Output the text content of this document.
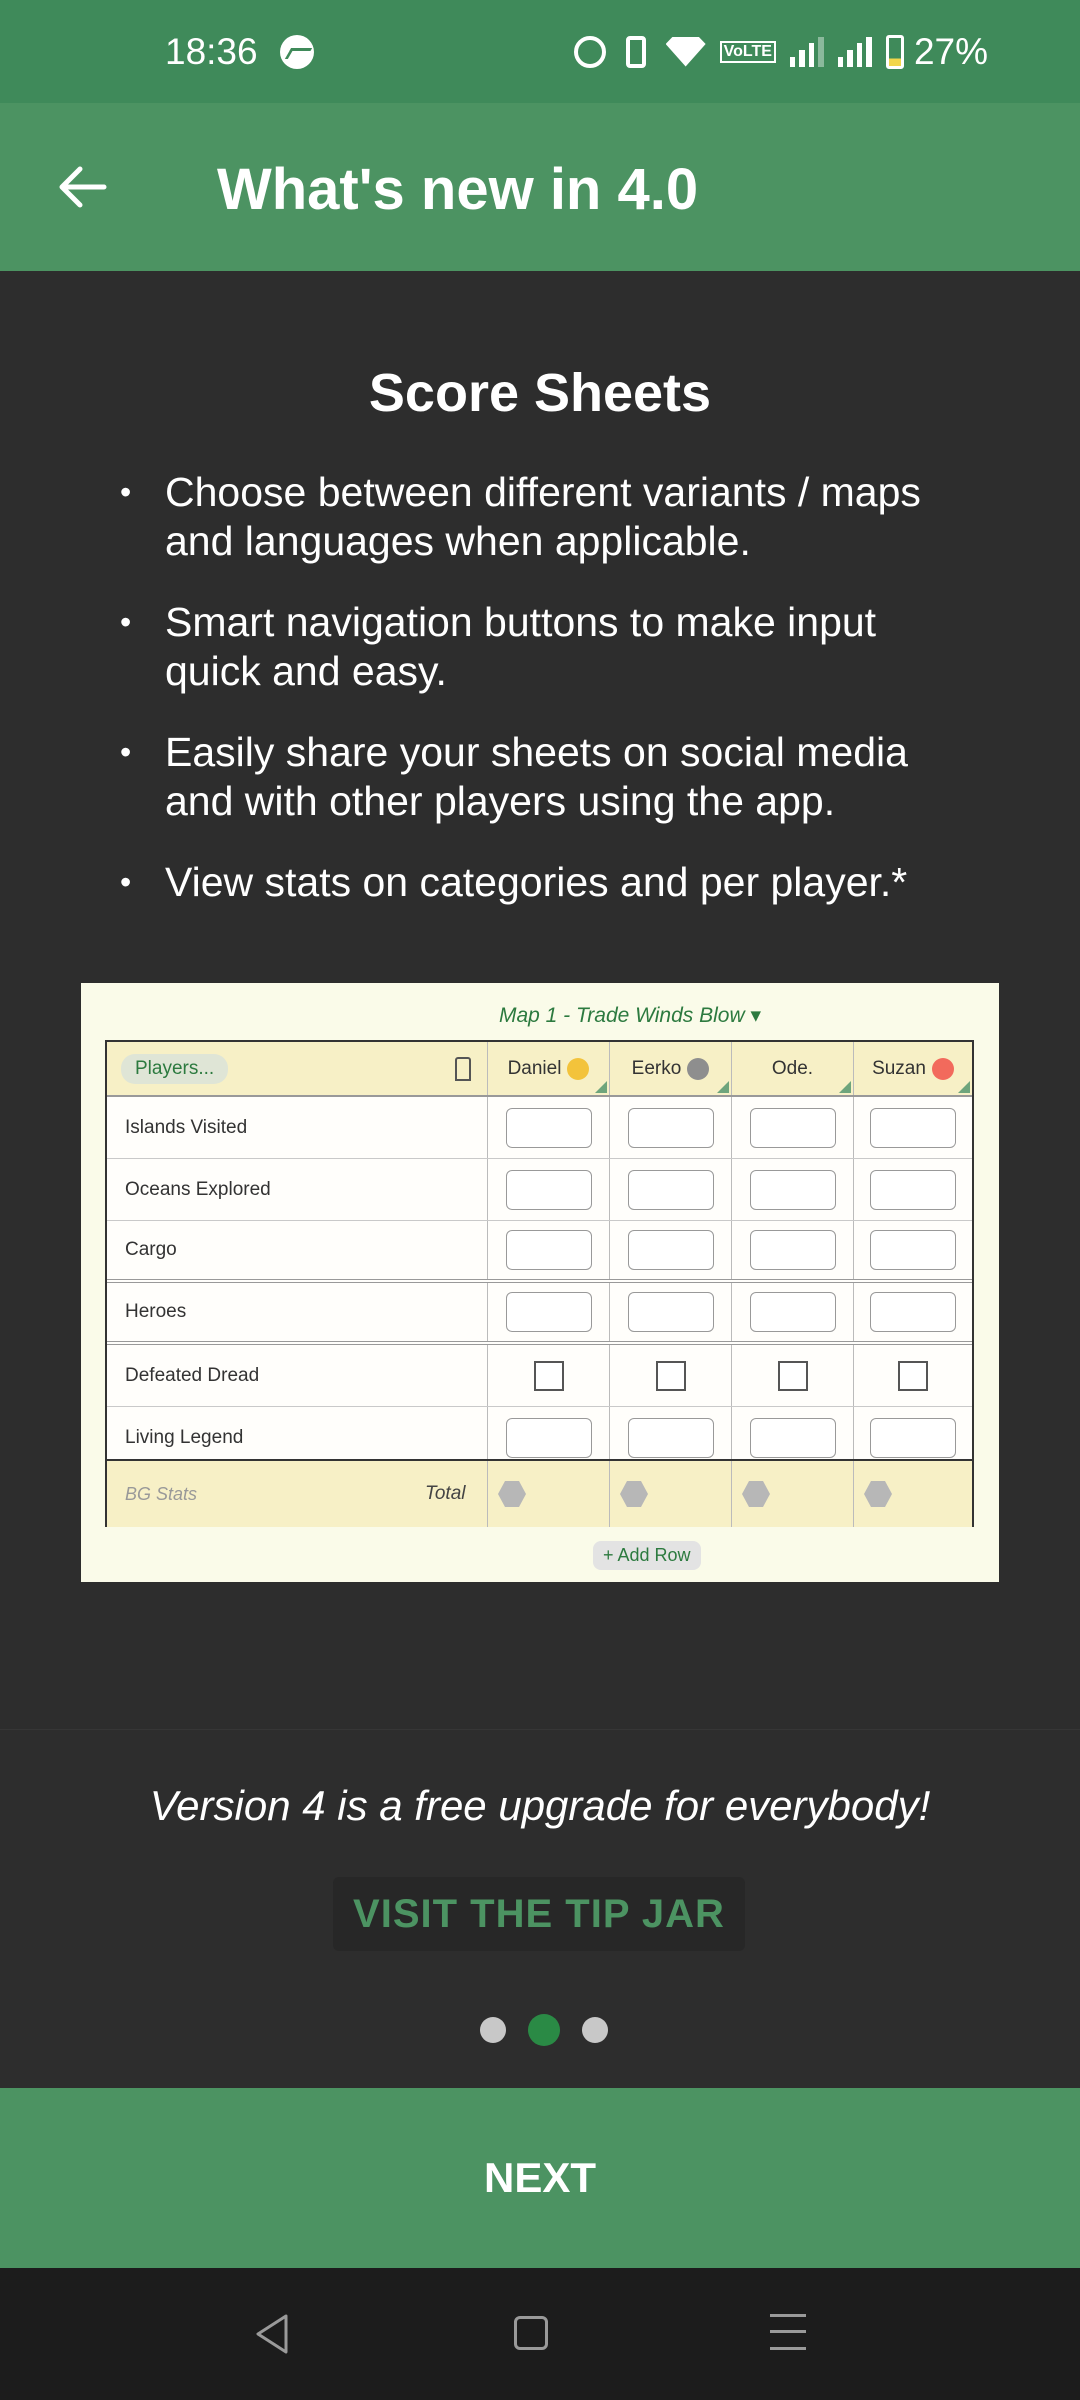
18:36	VoLTE	27%
What's new in 4.0
Score Sheets
• Choose between different variants / maps and languages when applicable.
• Smart navigation buttons to make input quick and easy.
• Easily share your sheets on social media and with other players using the app.
• View stats on categories and per player.*
Map 1 - Trade Winds Blow ▾
Players...	Daniel	Eerko	Ode.	Suzan
Islands Visited
Oceans Explored
Cargo
Heroes
Defeated Dread
Living Legend
BG Stats	Total
+ Add Row
Version 4 is a free upgrade for everybody!
VISIT THE TIP JAR
NEXT
